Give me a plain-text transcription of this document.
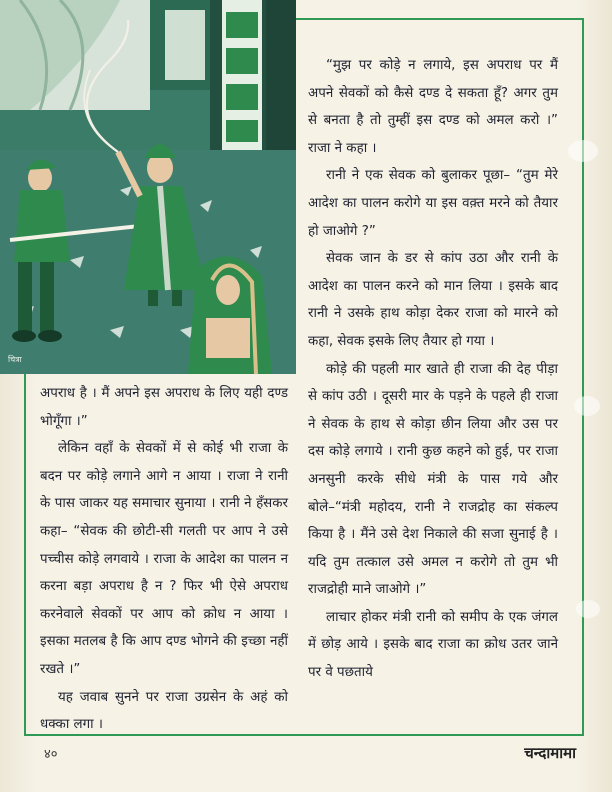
चित्रा

“मुझ पर कोड़े न लगाये, इस अपराध पर मैं अपने सेवकों को कैसे दण्ड दे सकता हूँ? अगर तुम से बनता है तो तुम्हीं इस दण्ड को अमल करो ।” राजा ने कहा ।

रानी ने एक सेवक को बुलाकर पूछा– “तुम मेरे आदेश का पालन करोगे या इस वक़्त मरने को तैयार हो जाओगे ?”

सेवक जान के डर से कांप उठा और रानी के आदेश का पालन करने को मान लिया । इसके बाद रानी ने उसके हाथ कोड़ा देकर राजा को मारने को कहा, सेवक इसके लिए तैयार हो गया ।

कोड़े की पहली मार खाते ही राजा की देह पीड़ा से कांप उठी । दूसरी मार के पड़ने के पहले ही राजा ने सेवक के हाथ से कोड़ा छीन लिया और उस पर दस कोड़े लगाये । रानी कुछ कहने को हुई, पर राजा अनसुनी करके सीधे मंत्री के पास गये और बोले–“मंत्री महोदय, रानी ने राजद्रोह का संकल्प किया है । मैंने उसे देश निकाले की सजा सुनाई है । यदि तुम तत्काल उसे अमल न करोगे तो तुम भी राजद्रोही माने जाओगे ।”

लाचार होकर मंत्री रानी को समीप के एक जंगल में छोड़ आये । इसके बाद राजा का क्रोध उतर जाने पर वे पछताये

अपराध है । मैं अपने इस अपराध के लिए यही दण्ड भोगूँगा ।”

लेकिन वहाँ के सेवकों में से कोई भी राजा के बदन पर कोड़े लगाने आगे न आया । राजा ने रानी के पास जाकर यह समाचार सुनाया । रानी ने हँसकर कहा– “सेवक की छोटी-सी गलती पर आप ने उसे पच्चीस कोड़े लगवाये । राजा के आदेश का पालन न करना बड़ा अपराध है न ? फिर भी ऐसे अपराध करनेवाले सेवकों पर आप को क्रोध न आया । इसका मतलब है कि आप दण्ड भोगने की इच्छा नहीं रखते ।”

यह जवाब सुनने पर राजा उग्रसेन के अहं को धक्का लगा ।

४०	चन्दामामा
